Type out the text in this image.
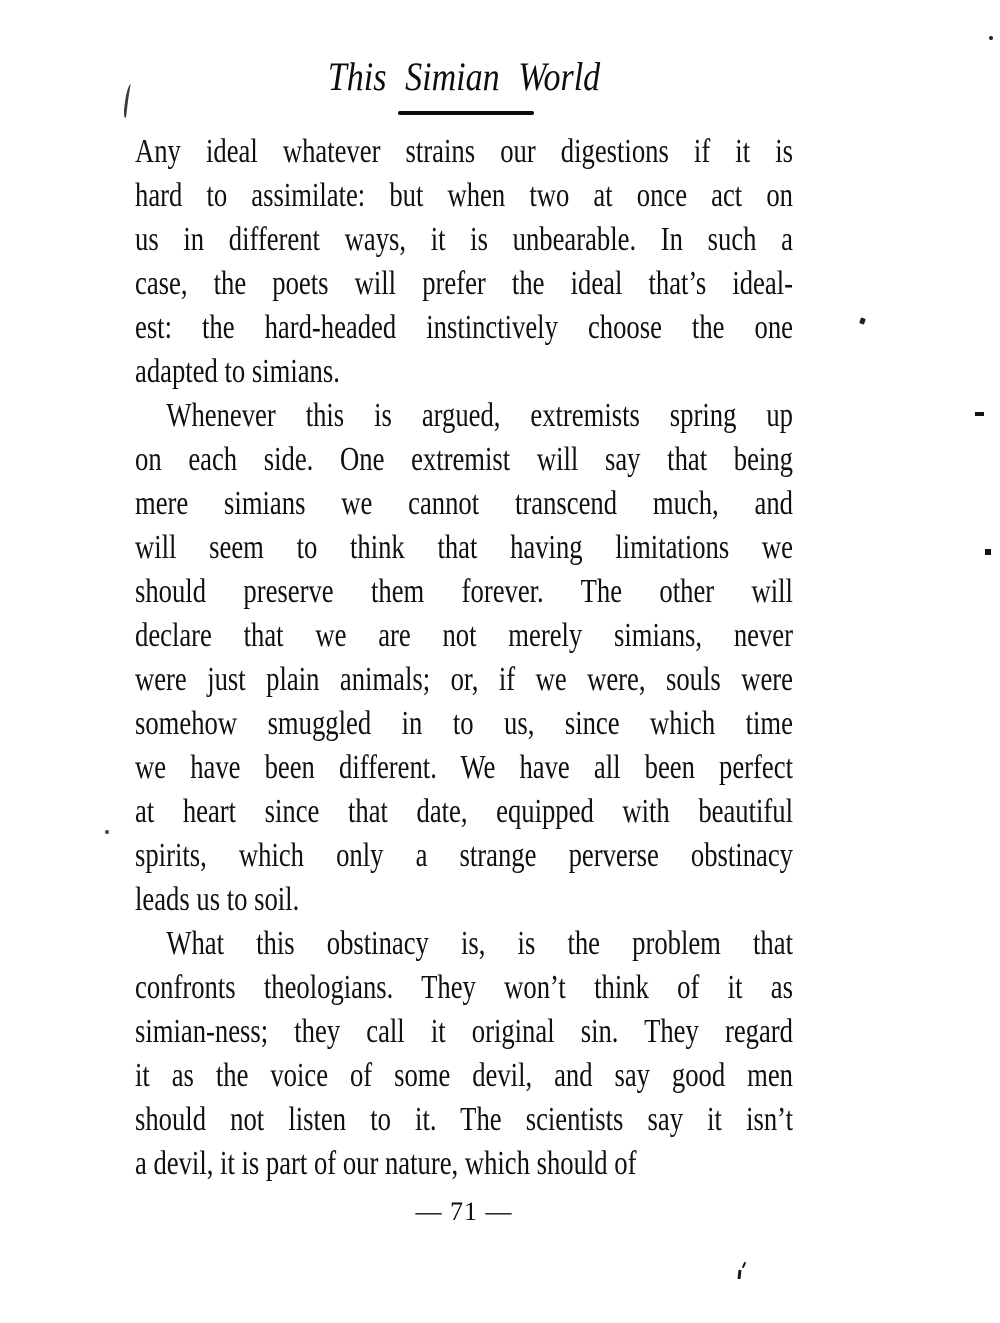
This Simian World
Any ideal whatever strains our digestions if it is
hard to assimilate: but when two at once act on
us in different ways, it is unbearable. In such a
case, the poets will prefer the ideal that’s ideal-
est: the hard-headed instinctively choose the one
adapted to simians.
Whenever this is argued, extremists spring up
on each side. One extremist will say that being
mere simians we cannot transcend much, and
will seem to think that having limitations we
should preserve them forever. The other will
declare that we are not merely simians, never
were just plain animals; or, if we were, souls were
somehow smuggled in to us, since which time
we have been different. We have all been perfect
at heart since that date, equipped with beautiful
spirits, which only a strange perverse obstinacy
leads us to soil.
What this obstinacy is, is the problem that
confronts theologians. They won’t think of it as
simian-ness; they call it original sin. They regard
it as the voice of some devil, and say good men
should not listen to it. The scientists say it isn’t
a devil, it is part of our nature, which should of
— 71 —
